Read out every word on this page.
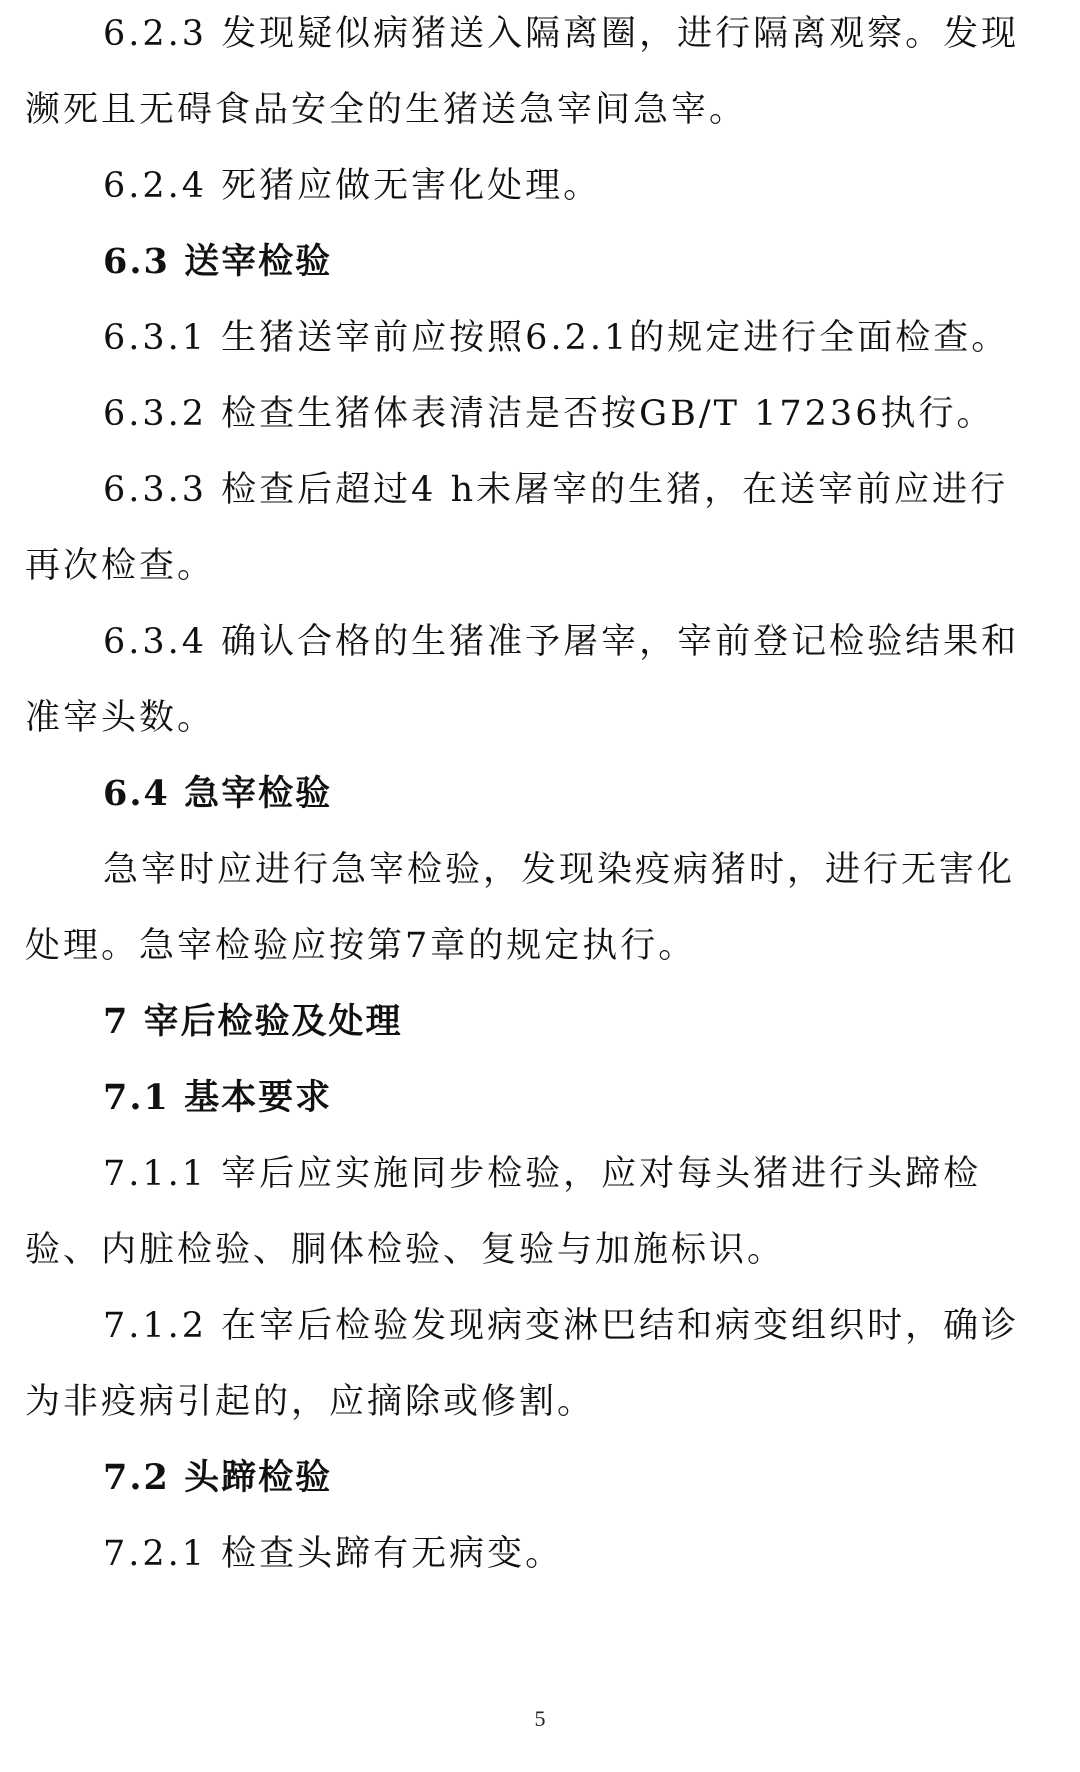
6.2.3 发现疑似病猪送入隔离圈，进行隔离观察。发现濒死且无碍食品安全的生猪送急宰间急宰。

6.2.4 死猪应做无害化处理。

6.3 送宰检验

6.3.1 生猪送宰前应按照6.2.1的规定进行全面检查。

6.3.2 检查生猪体表清洁是否按GB/T 17236执行。

6.3.3 检查后超过4 h未屠宰的生猪，在送宰前应进行再次检查。

6.3.4 确认合格的生猪准予屠宰，宰前登记检验结果和准宰头数。

6.4 急宰检验

急宰时应进行急宰检验，发现染疫病猪时，进行无害化处理。急宰检验应按第7章的规定执行。

7 宰后检验及处理

7.1 基本要求

7.1.1 宰后应实施同步检验，应对每头猪进行头蹄检验、内脏检验、胴体检验、复验与加施标识。

7.1.2 在宰后检验发现病变淋巴结和病变组织时，确诊为非疫病引起的，应摘除或修割。

7.2 头蹄检验

7.2.1 检查头蹄有无病变。

5
